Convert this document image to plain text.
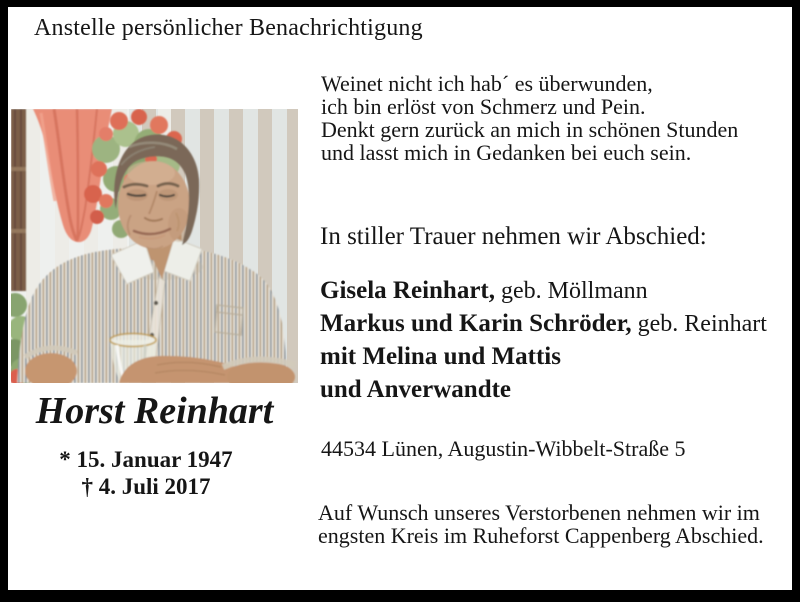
Anstelle persönlicher Benachrichtigung
Horst Reinhart
* 15. Januar 1947
† 4. Juli 2017
Weinet nicht ich hab´ es überwunden,
ich bin erlöst von Schmerz und Pein.
Denkt gern zurück an mich in schönen Stunden
und lasst mich in Gedanken bei euch sein.
In stiller Trauer nehmen wir Abschied:
Gisela Reinhart, geb. Möllmann
Markus und Karin Schröder, geb. Reinhart
mit Melina und Mattis
und Anverwandte
44534 Lünen, Augustin-Wibbelt-Straße 5
Auf Wunsch unseres Verstorbenen nehmen wir im
engsten Kreis im Ruheforst Cappenberg Abschied.
